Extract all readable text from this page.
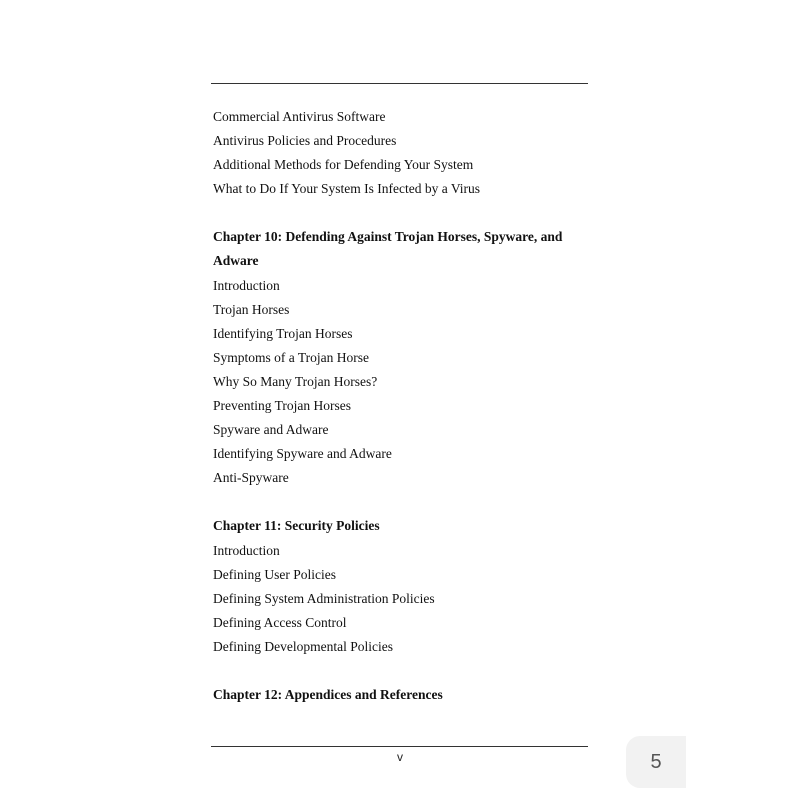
Commercial Antivirus Software
Antivirus Policies and Procedures
Additional Methods for Defending Your System
What to Do If Your System Is Infected by a Virus
Chapter 10: Defending Against Trojan Horses, Spyware, and Adware
Introduction
Trojan Horses
Identifying Trojan Horses
Symptoms of a Trojan Horse
Why So Many Trojan Horses?
Preventing Trojan Horses
Spyware and Adware
Identifying Spyware and Adware
Anti-Spyware
Chapter 11: Security Policies
Introduction
Defining User Policies
Defining System Administration Policies
Defining Access Control
Defining Developmental Policies
Chapter 12: Appendices and References
v	5
